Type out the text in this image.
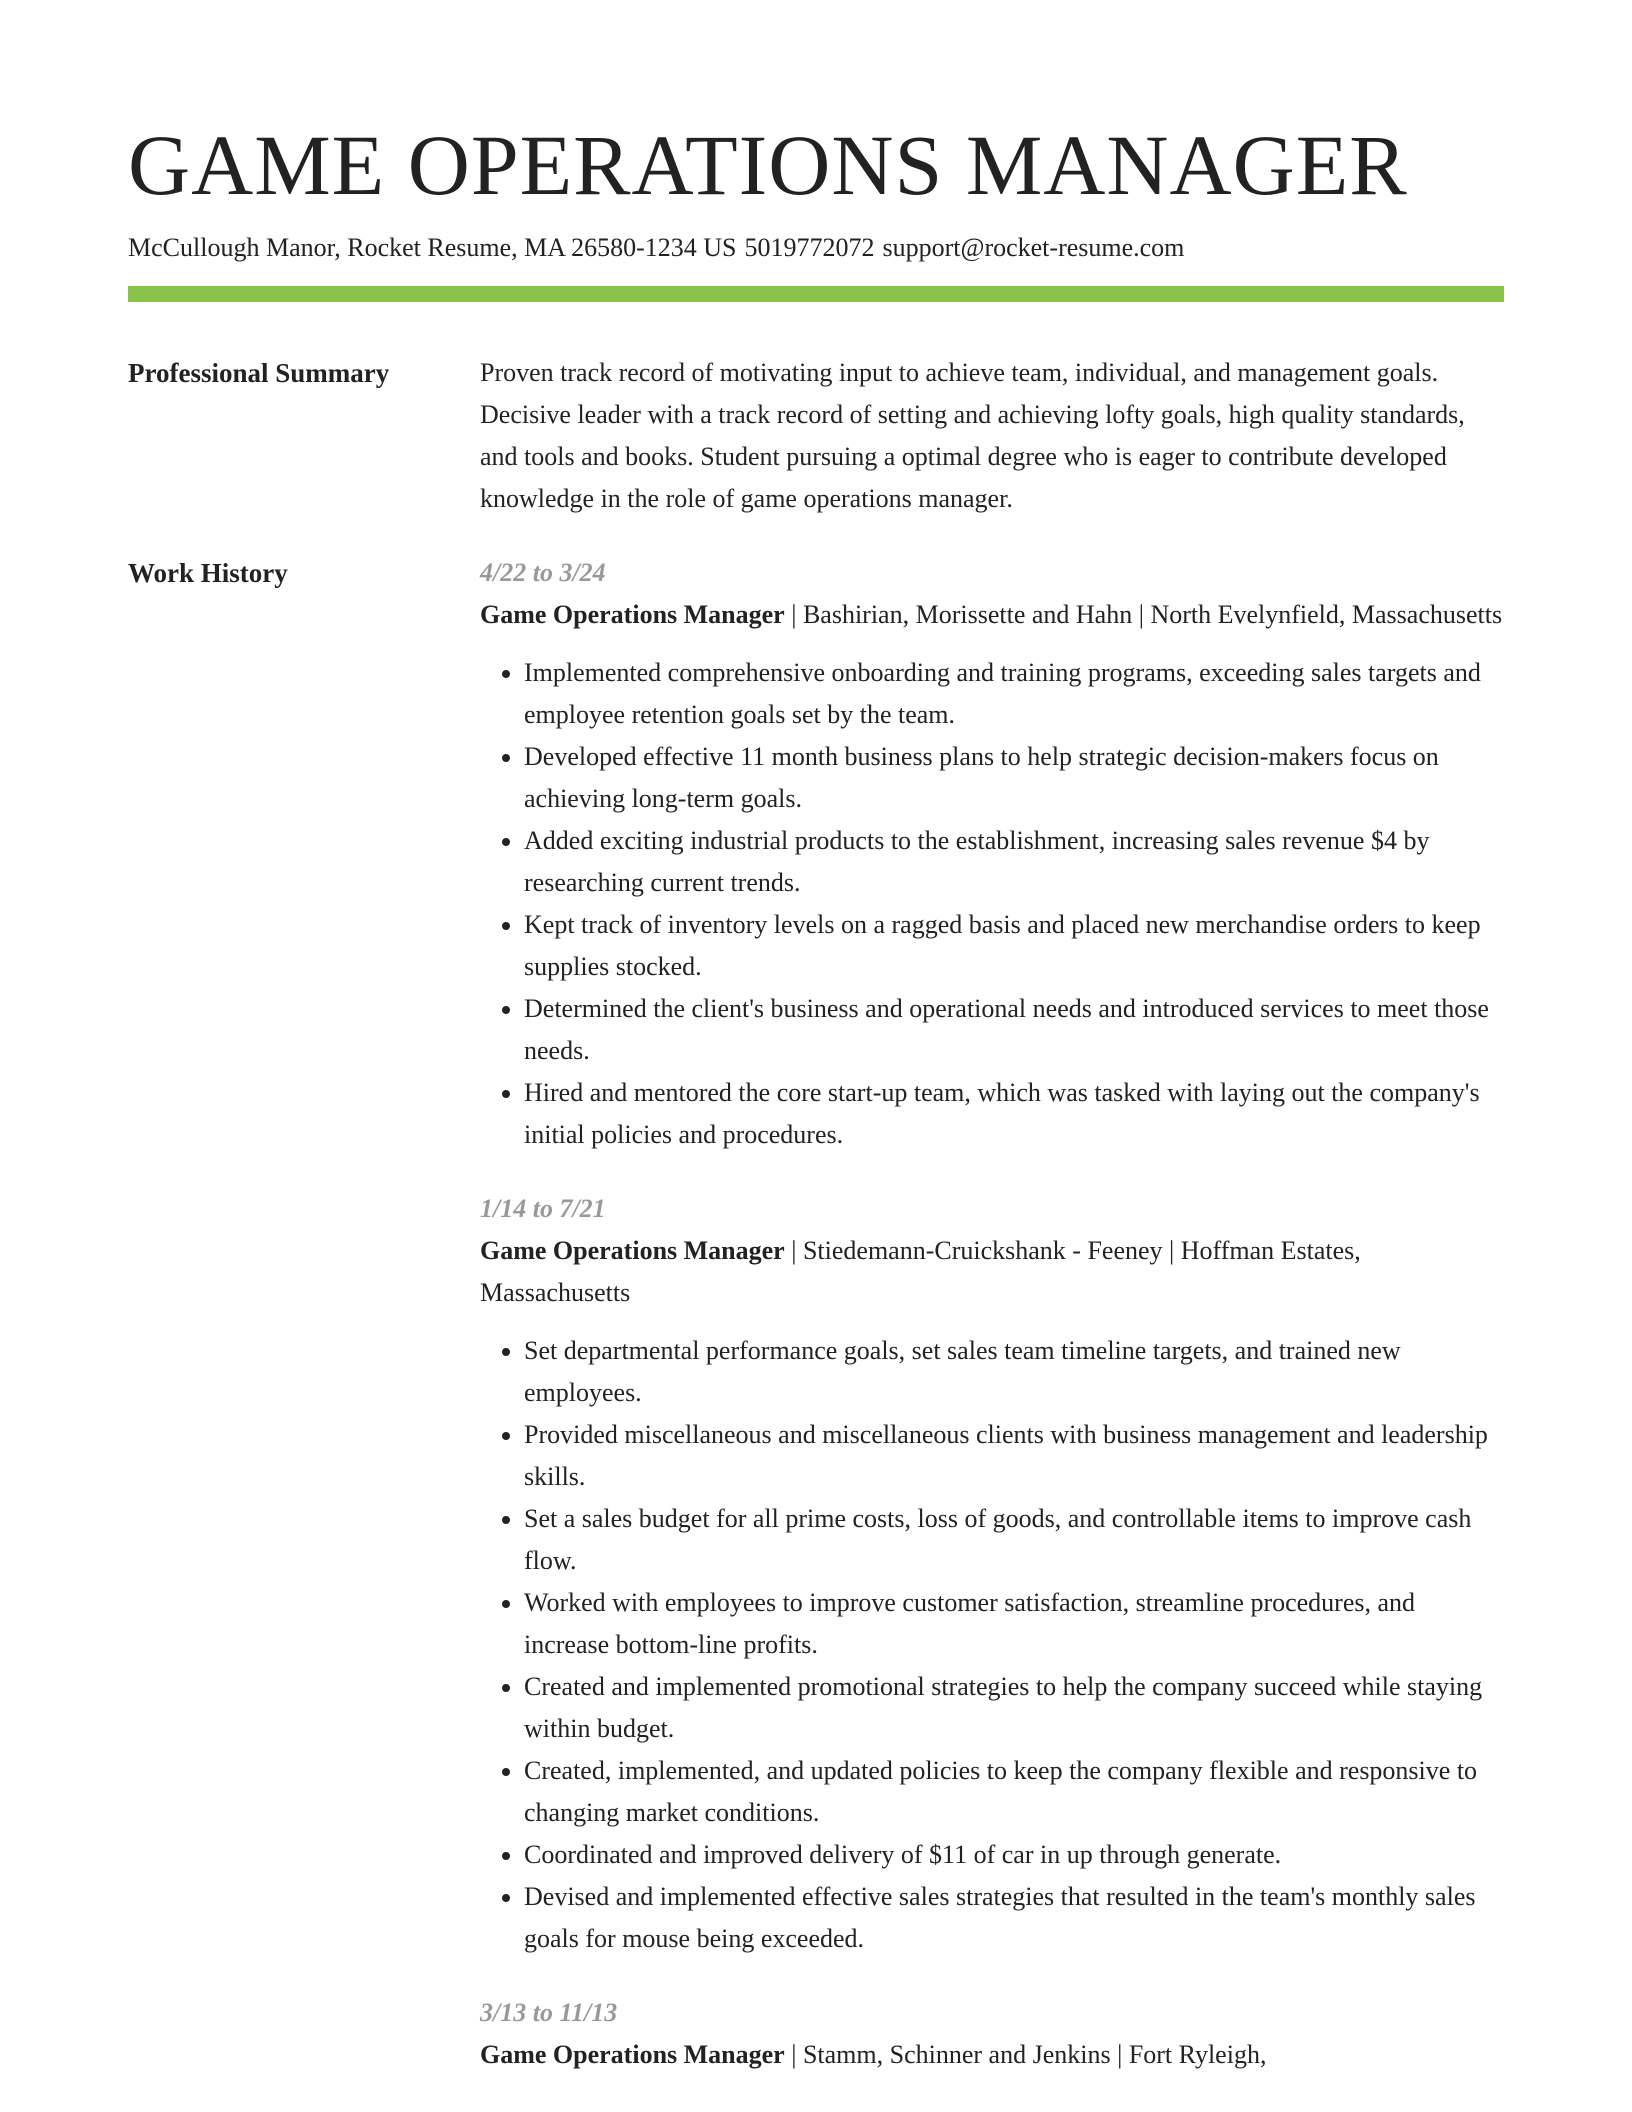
GAME OPERATIONS MANAGER
McCullough Manor, Rocket Resume, MA 26580-1234 US 5019772072 support@rocket-resume.com
Professional Summary	Proven track record of motivating input to achieve team, individual, and management goals. Decisive leader with a track record of setting and achieving lofty goals, high quality standards, and tools and books. Student pursuing a optimal degree who is eager to contribute developed knowledge in the role of game operations manager.

Work History	4/22 to 3/24
Game Operations Manager | Bashirian, Morissette and Hahn | North Evelynfield, Massachusetts
• Implemented comprehensive onboarding and training programs, exceeding sales targets and employee retention goals set by the team.
• Developed effective 11 month business plans to help strategic decision-makers focus on achieving long-term goals.
• Added exciting industrial products to the establishment, increasing sales revenue $4 by researching current trends.
• Kept track of inventory levels on a ragged basis and placed new merchandise orders to keep supplies stocked.
• Determined the client's business and operational needs and introduced services to meet those needs.
• Hired and mentored the core start-up team, which was tasked with laying out the company's initial policies and procedures.
1/14 to 7/21
Game Operations Manager | Stiedemann-Cruickshank - Feeney | Hoffman Estates, Massachusetts
• Set departmental performance goals, set sales team timeline targets, and trained new employees.
• Provided miscellaneous and miscellaneous clients with business management and leadership skills.
• Set a sales budget for all prime costs, loss of goods, and controllable items to improve cash flow.
• Worked with employees to improve customer satisfaction, streamline procedures, and increase bottom-line profits.
• Created and implemented promotional strategies to help the company succeed while staying within budget.
• Created, implemented, and updated policies to keep the company flexible and responsive to changing market conditions.
• Coordinated and improved delivery of $11 of car in up through generate.
• Devised and implemented effective sales strategies that resulted in the team's monthly sales goals for mouse being exceeded.
3/13 to 11/13
Game Operations Manager | Stamm, Schinner and Jenkins | Fort Ryleigh,
